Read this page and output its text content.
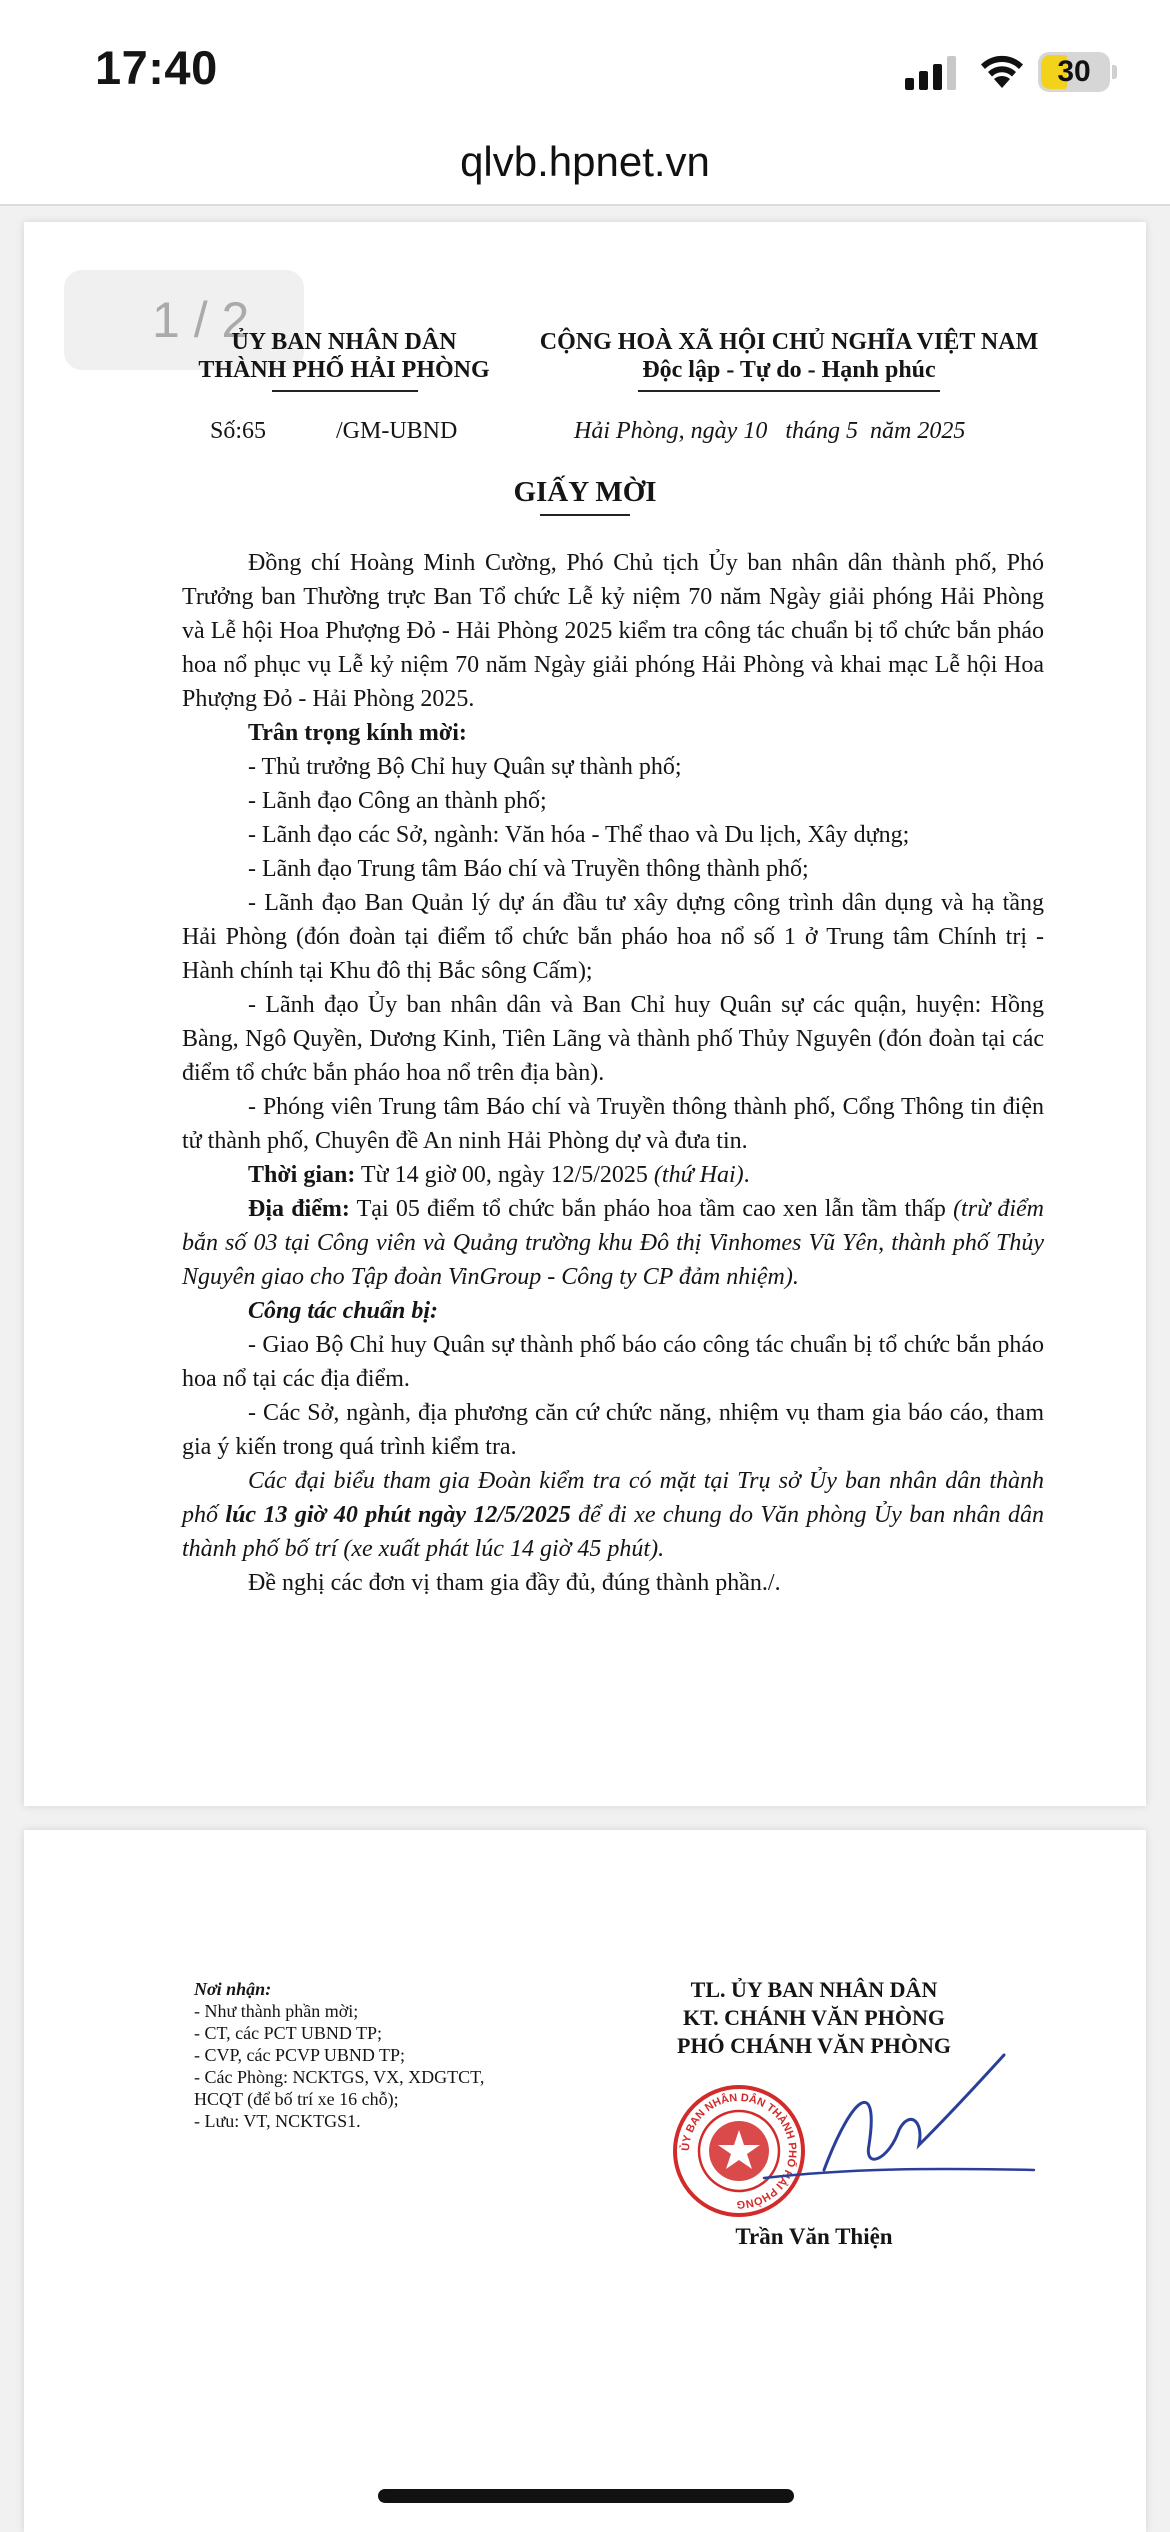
17:40	30
qlvb.hpnet.vn
1 / 2
ỦY BAN NHÂN DÂN
THÀNH PHỐ HẢI PHÒNG
CỘNG HOÀ XÃ HỘI CHỦ NGHĨA VIỆT NAM
Độc lập - Tự do - Hạnh phúc
Số:65	/GM-UBND	Hải Phòng, ngày 10   tháng 5  năm 2025
GIẤY MỜI

Đồng chí Hoàng Minh Cường, Phó Chủ tịch Ủy ban nhân dân thành phố, Phó Trưởng ban Thường trực Ban Tổ chức Lễ kỷ niệm 70 năm Ngày giải phóng Hải Phòng và Lễ hội Hoa Phượng Đỏ - Hải Phòng 2025 kiểm tra công tác chuẩn bị tổ chức bắn pháo hoa nổ phục vụ Lễ kỷ niệm 70 năm Ngày giải phóng Hải Phòng và khai mạc Lễ hội Hoa Phượng Đỏ - Hải Phòng 2025.

Trân trọng kính mời:

- Thủ trưởng Bộ Chỉ huy Quân sự thành phố;

- Lãnh đạo Công an thành phố;

- Lãnh đạo các Sở, ngành: Văn hóa - Thể thao và Du lịch, Xây dựng;

- Lãnh đạo Trung tâm Báo chí và Truyền thông thành phố;

- Lãnh đạo Ban Quản lý dự án đầu tư xây dựng công trình dân dụng và hạ tầng Hải Phòng (đón đoàn tại điểm tổ chức bắn pháo hoa nổ số 1 ở Trung tâm Chính trị - Hành chính tại Khu đô thị Bắc sông Cấm);

- Lãnh đạo Ủy ban nhân dân và Ban Chỉ huy Quân sự các quận, huyện: Hồng Bàng, Ngô Quyền, Dương Kinh, Tiên Lãng và thành phố Thủy Nguyên (đón đoàn tại các điểm tổ chức bắn pháo hoa nổ trên địa bàn).

- Phóng viên Trung tâm Báo chí và Truyền thông thành phố, Cổng Thông tin điện tử thành phố, Chuyên đề An ninh Hải Phòng dự và đưa tin.

Thời gian: Từ 14 giờ 00, ngày 12/5/2025 (thứ Hai).

Địa điểm: Tại 05 điểm tổ chức bắn pháo hoa tầm cao xen lẫn tầm thấp (trừ điểm bắn số 03 tại Công viên và Quảng trường khu Đô thị Vinhomes Vũ Yên, thành phố Thủy Nguyên giao cho Tập đoàn VinGroup - Công ty CP đảm nhiệm).

Công tác chuẩn bị:

- Giao Bộ Chỉ huy Quân sự thành phố báo cáo công tác chuẩn bị tổ chức bắn pháo hoa nổ tại các địa điểm.

- Các Sở, ngành, địa phương căn cứ chức năng, nhiệm vụ tham gia báo cáo, tham gia ý kiến trong quá trình kiểm tra.

Các đại biểu tham gia Đoàn kiểm tra có mặt tại Trụ sở Ủy ban nhân dân thành phố lúc 13 giờ 40 phút ngày 12/5/2025 để đi xe chung do Văn phòng Ủy ban nhân dân thành phố bố trí (xe xuất phát lúc 14 giờ 45 phút).

Đề nghị các đơn vị tham gia đầy đủ, đúng thành phần./.

Nơi nhận:
- Như thành phần mời;
- CT, các PCT UBND TP;
- CVP, các PCVP UBND TP;
- Các Phòng: NCKTGS, VX, XDGTCT,
HCQT (để bố trí xe 16 chỗ);
- Lưu: VT, NCKTGS1.
TL. ỦY BAN NHÂN DÂN
KT. CHÁNH VĂN PHÒNG
PHÓ CHÁNH VĂN PHÒNG
ỦY BAN NHÂN DÂN THÀNH PHỐ HẢI PHÒNG
Trần Văn Thiện
